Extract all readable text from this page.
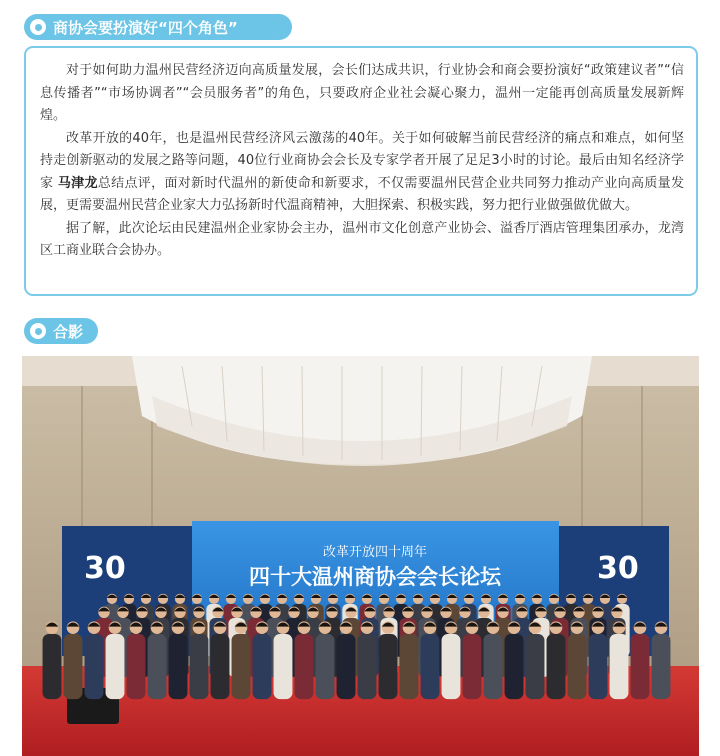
商协会要扮演好“四个角色”

对于如何助力温州民营经济迈向高质量发展，会长们达成共识，行业协会和商会要扮演好“政策建议者”“信息传播者”“市场协调者”“会员服务者”的角色，只要政府企业社会凝心聚力，温州一定能再创高质量发展新辉煌。

改革开放的40年，也是温州民营经济风云激荡的40年。关于如何破解当前民营经济的痛点和难点，如何坚持走创新驱动的发展之路等问题，40位行业商协会会长及专家学者开展了足足3小时的讨论。最后由知名经济学家 马津龙总结点评，面对新时代温州的新使命和新要求，不仅需要温州民营企业共同努力推动产业向高质量发展，更需要温州民营企业家大力弘扬新时代温商精神，大胆探索、积极实践，努力把行业做强做优做大。

据了解，此次论坛由民建温州企业家协会主办，温州市文化创意产业协会、溢香厅酒店管理集团承办，龙湾区工商业联合会协办。

合影
30	30
改革开放四十周年
四十大温州商协会会长论坛
